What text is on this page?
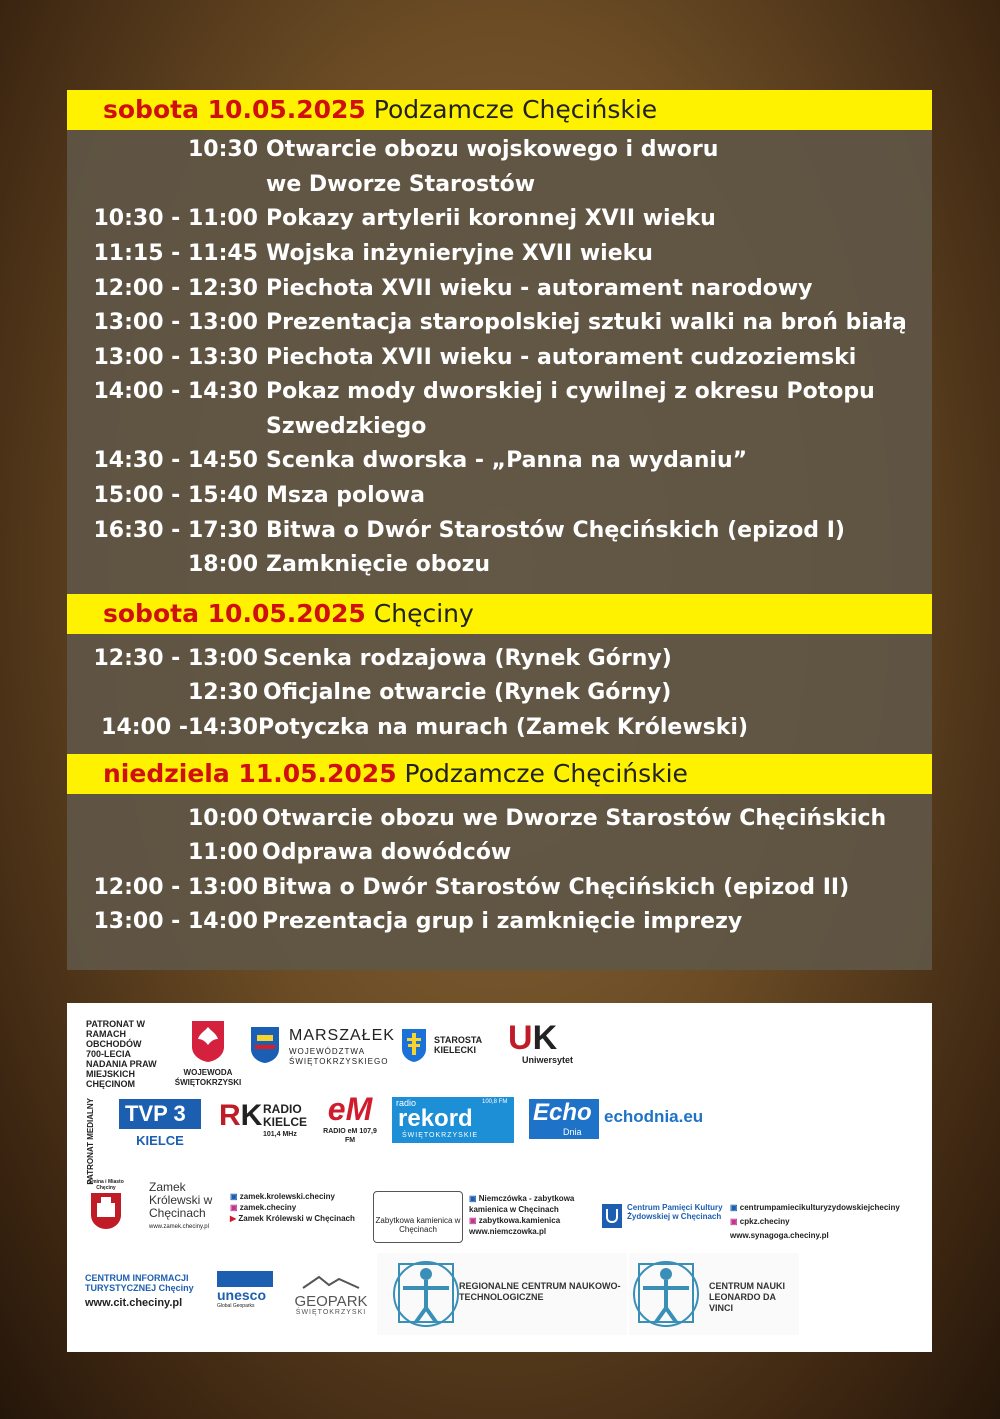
sobota 10.05.2025 Podzamcze Chęcińskie
10:30 Otwarcie obozu wojskowego i dworu
we Dworze Starostów
10:30 - 11:00 Pokazy artylerii koronnej XVII wieku
11:15 - 11:45 Wojska inżynieryjne XVII wieku
12:00 - 12:30 Piechota XVII wieku - autorament narodowy
13:00 - 13:00 Prezentacja staropolskiej sztuki walki na broń białą
13:00 - 13:30 Piechota XVII wieku - autorament cudzoziemski
14:00 - 14:30 Pokaz mody dworskiej i cywilnej z okresu Potopu
Szwedzkiego
14:30 - 14:50 Scenka dworska - „Panna na wydaniu”
15:00 - 15:40 Msza polowa
16:30 - 17:30 Bitwa o Dwór Starostów Chęcińskich (epizod I)
18:00 Zamknięcie obozu
sobota 10.05.2025 Chęciny
12:30 - 13:00 Scenka rodzajowa (Rynek Górny)
12:30 Oficjalne otwarcie (Rynek Górny)
14:00 -14:30 Potyczka na murach (Zamek Królewski)
niedziela 11.05.2025 Podzamcze Chęcińskie
10:00 Otwarcie obozu we Dworze Starostów Chęcińskich
11:00 Odprawa dowódców
12:00 - 13:00 Bitwa o Dwór Starostów Chęcińskich (epizod II)
13:00 - 14:00 Prezentacja grup i zamknięcie imprezy
PATRONAT W RAMACH OBCHODÓW 700-LECIA NADANIA PRAW MIEJSKICH CHĘCINOM
WOJEWODA ŚWIĘTOKRZYSKI
MARSZAŁEK
WOJEWÓDZTWA ŚWIĘTOKRZYSKIEGO
STAROSTA KIELECKI UK
Uniwersytet
PATRONAT MEDIALNY TVP 3
KIELCE
RK RADIO KIELCE
101,4 MHz
eM
RADIO eM 107,9 FM
radio	100,8 FM
rekord
ŚWIĘTOKRZYSKIE
Echo
Dnia
echodnia.eu
Gmina i Miasto Chęciny	Zamek Królewski w Chęcinach
www.zamek.checiny.pl
▣ zamek.krolewski.checiny
▣ zamek.checiny
▶ Zamek Królewski w Chęcinach	Zabytkowa kamienica w Chęcinach
▣ Niemczówka - zabytkowa kamienica w Chęcinach
▣ zabytkowa.kamienica
www.niemczowka.pl
Centrum Pamięci Kultury Żydowskiej w Chęcinach
▣ centrumpamiecikulturyzydowskiejcheciny
▣ cpkz.checiny
www.synagoga.checiny.pl
CENTRUM INFORMACJI TURYSTYCZNEJ Chęciny
www.cit.checiny.pl	unesco
Global Geoparks	GEOPARK
ŚWIĘTOKRZYSKI
REGIONALNE CENTRUM NAUKOWO-TECHNOLOGICZNE
CENTRUM NAUKI LEONARDO DA VINCI
